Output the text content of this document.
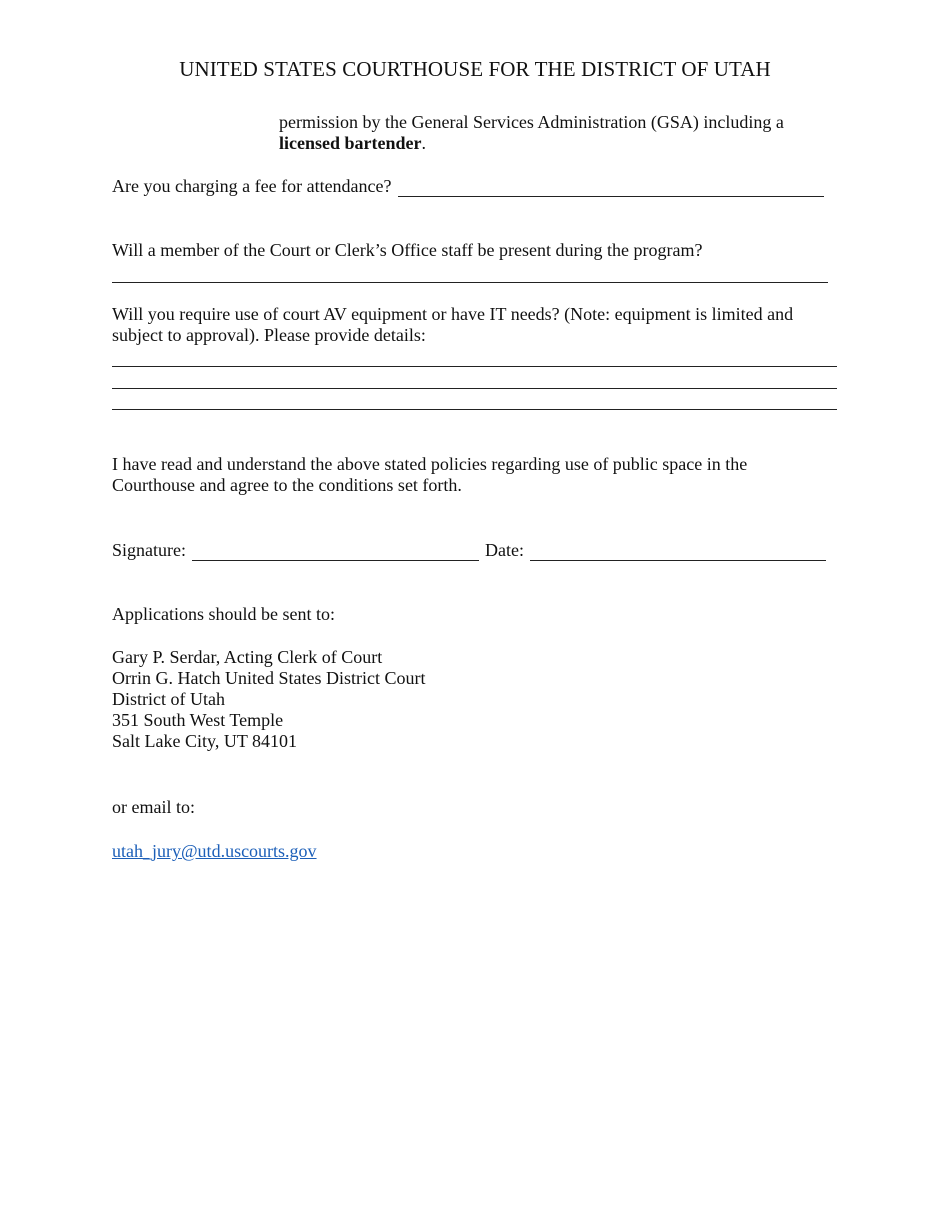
UNITED STATES COURTHOUSE FOR THE DISTRICT OF UTAH
permission by the General Services Administration (GSA) including a
licensed bartender.
Are you charging a fee for attendance?
Will a member of the Court or Clerk’s Office staff be present during the program?
Will you require use of court AV equipment or have IT needs? (Note: equipment is limited and subject to approval). Please provide details:
I have read and understand the above stated policies regarding use of public space in the Courthouse and agree to the conditions set forth.
Signature:	Date:
Applications should be sent to:
Gary P. Serdar, Acting Clerk of Court
Orrin G. Hatch United States District Court
District of Utah
351 South West Temple
Salt Lake City, UT 84101
or email to:
utah_jury@utd.uscourts.gov
